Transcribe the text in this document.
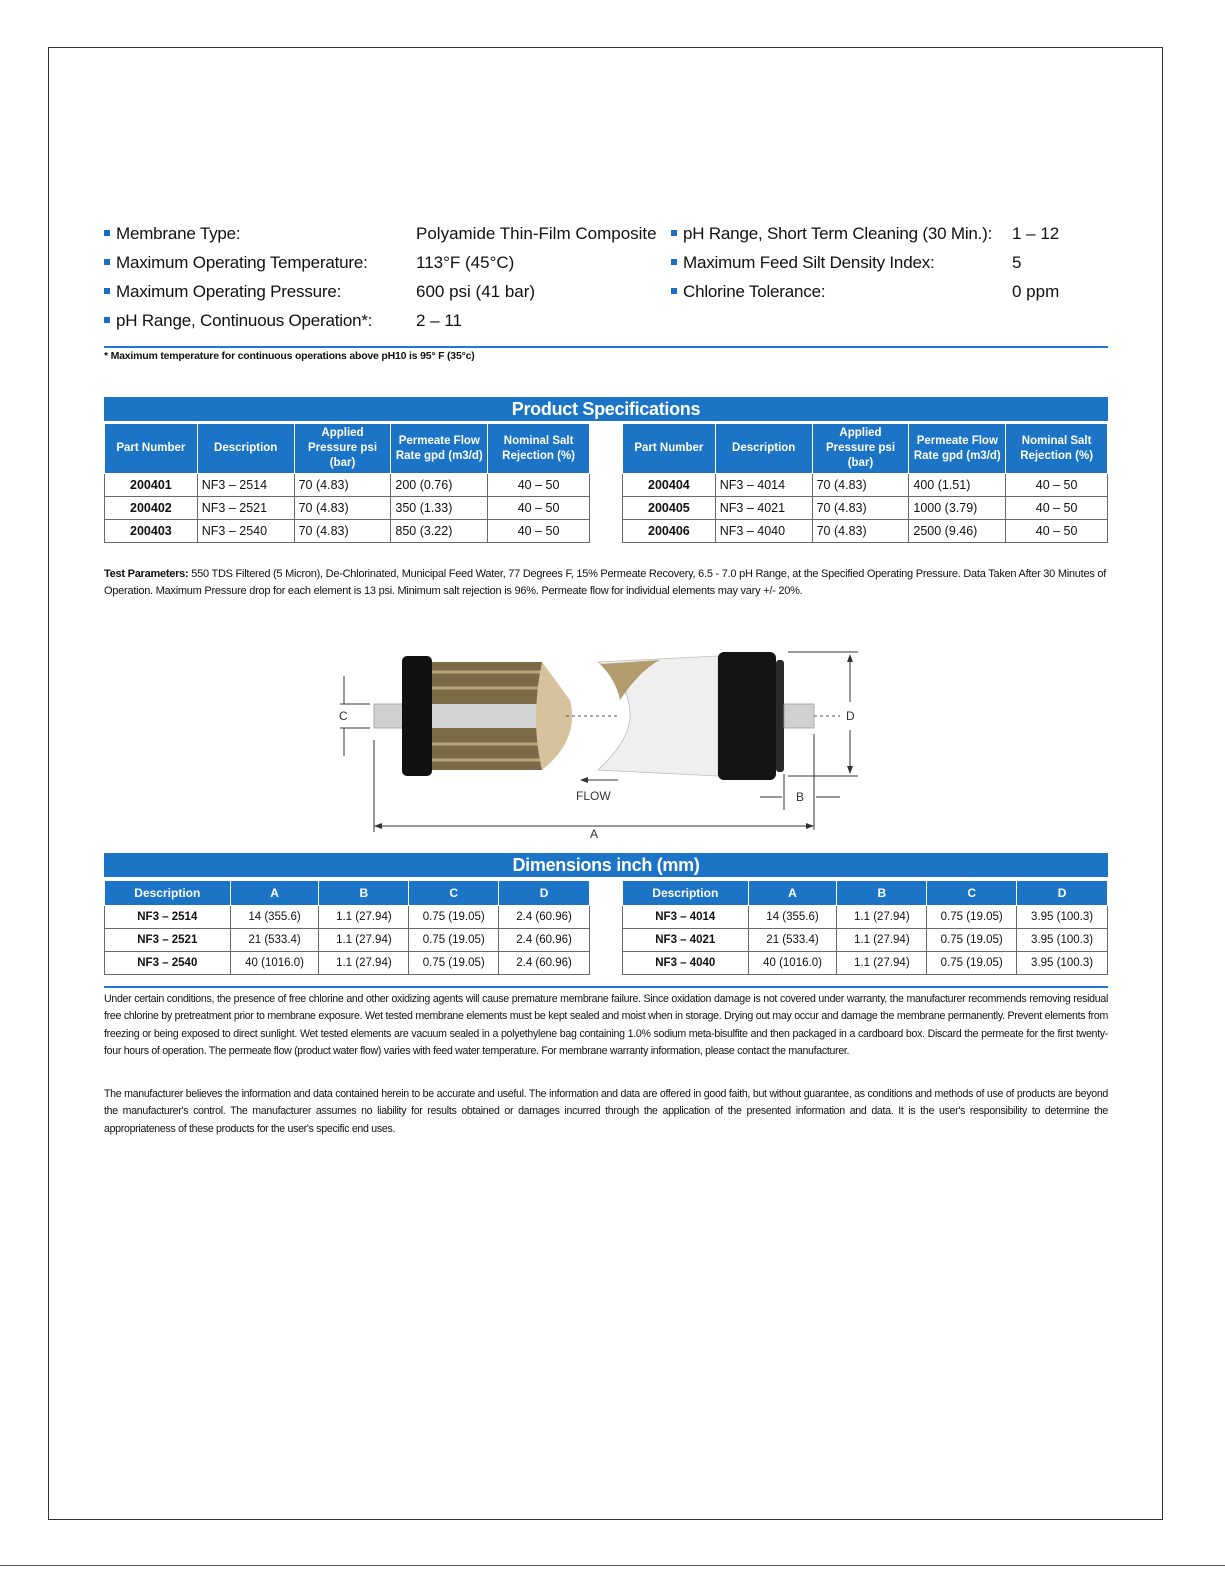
Membrane Type:	Polyamide Thin-Film Composite
Maximum Operating Temperature:	113°F (45°C)
Maximum Operating Pressure:	600 psi (41 bar)
pH Range, Continuous Operation*:	2 – 11
pH Range, Short Term Cleaning (30 Min.): 1 – 12
Maximum Feed Silt Density Index:	5
Chlorine Tolerance:	0 ppm
* Maximum temperature for continuous operations above pH10 is 95° F (35°c)
Product Specifications
Part Number	Description	Applied Pressure psi (bar)	Permeate Flow Rate gpd (m3/d)	Nominal Salt Rejection (%)
200401	NF3 – 2514	70 (4.83)	200 (0.76)	40 – 50
200402	NF3 – 2521	70 (4.83)	350 (1.33)	40 – 50
200403	NF3 – 2540	70 (4.83)	850 (3.22)	40 – 50
Part Number	Description	Applied Pressure psi (bar)	Permeate Flow Rate gpd (m3/d)	Nominal Salt Rejection (%)
200404	NF3 – 4014	70 (4.83)	400 (1.51)	40 – 50
200405	NF3 – 4021	70 (4.83)	1000 (3.79)	40 – 50
200406	NF3 – 4040	70 (4.83)	2500 (9.46)	40 – 50
Test Parameters: 550 TDS Filtered (5 Micron), De-Chlorinated, Municipal Feed Water, 77 Degrees F, 15% Permeate Recovery, 6.5 - 7.0 pH Range, at the Specified Operating Pressure. Data Taken After 30 Minutes of Operation. Maximum Pressure drop for each element is 13 psi. Minimum salt rejection is 96%. Permeate flow for individual elements may vary +/- 20%.
C	D
B
FLOW
A
Dimensions inch (mm)
Description	A	B	C	D
NF3 – 2514	14 (355.6)	1.1 (27.94)	0.75 (19.05)	2.4 (60.96)
NF3 – 2521	21 (533.4)	1.1 (27.94)	0.75 (19.05)	2.4 (60.96)
NF3 – 2540	40 (1016.0)	1.1 (27.94)	0.75 (19.05)	2.4 (60.96)
Description	A	B	C	D
NF3 – 4014	14 (355.6)	1.1 (27.94)	0.75 (19.05)	3.95 (100.3)
NF3 – 4021	21 (533.4)	1.1 (27.94)	0.75 (19.05)	3.95 (100.3)
NF3 – 4040	40 (1016.0)	1.1 (27.94)	0.75 (19.05)	3.95 (100.3)
Under certain conditions, the presence of free chlorine and other oxidizing agents will cause premature membrane failure. Since oxidation damage is not covered under warranty, the manufacturer recommends removing residual free chlorine by pretreatment prior to membrane exposure. Wet tested membrane elements must be kept sealed and moist when in storage. Drying out may occur and damage the membrane permanently. Prevent elements from freezing or being exposed to direct sunlight. Wet tested elements are vacuum sealed in a polyethylene bag containing 1.0% sodium meta-bisulfite and then packaged in a cardboard box. Discard the permeate for the first twenty-four hours of operation. The permeate flow (product water flow) varies with feed water temperature. For membrane warranty information, please contact the manufacturer.
The manufacturer believes the information and data contained herein to be accurate and useful. The information and data are offered in good faith, but without guarantee, as conditions and methods of use of products are beyond the manufacturer's control. The manufacturer assumes no liability for results obtained or damages incurred through the application of the presented information and data. It is the user's responsibility to determine the appropriateness of these products for the user's specific end uses.
